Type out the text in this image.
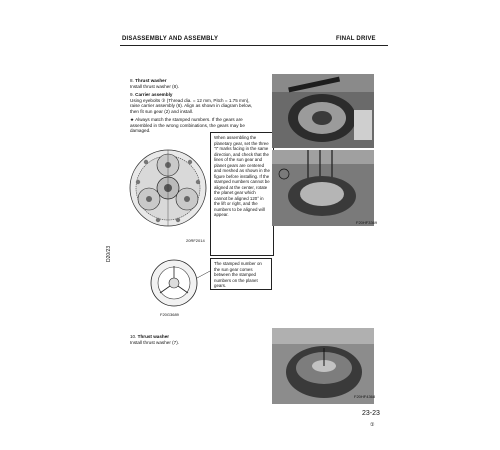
DISASSEMBLY AND ASSEMBLY	FINAL DRIVE
D20/23
8. Thrust washer
Install thrust washer (8).
9. Carrier assembly
Using eyebolts ③ (Thread dia. = 12 mm, Pitch = 1.75 mm), raise carrier assembly (6). Align as shown in diagram below, then fit sun gear (2) and install.
★ Always match the stamped numbers. If the gears are assembled in the wrong combinations, the gears may be damaged.
20RF2014
When assembling the planetary gear, set the three "I" marks facing in the same direction, and check that the lines of the sun gear and planet gears are centered and meshed as shown in the figure before installing. If the stamped numbers cannot be aligned at the center, rotate the planet gear which cannot be aligned 120° in the lift or right, and the numbers to be aligned will appear.
F20G3689
The stamped number on the sun gear comes between the stamped numbers on the planet gears.
10. Thrust washer
Install thrust washer (7).
F20HF3369
F20HF4368
23-23
①
